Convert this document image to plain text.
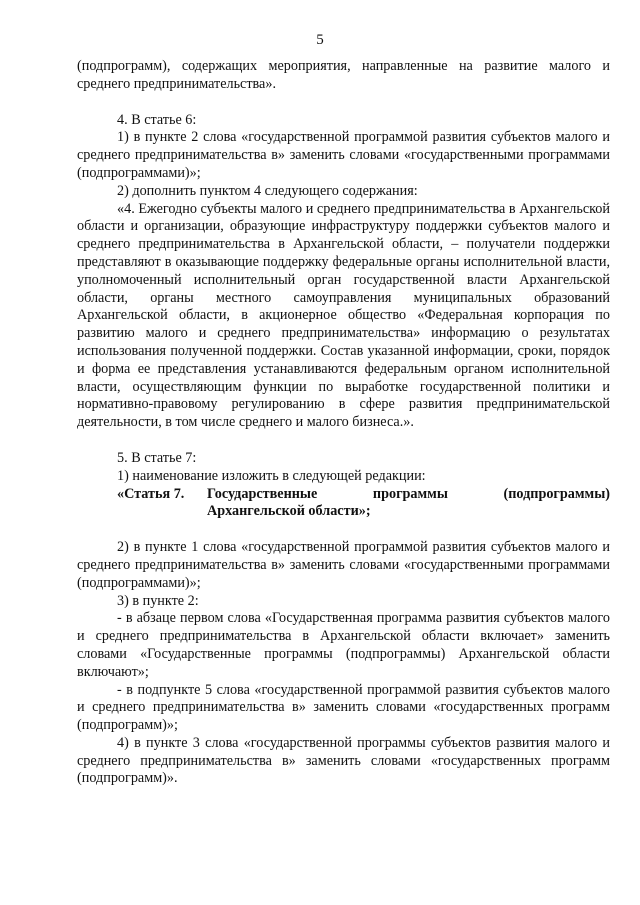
5

(подпрограмм), содержащих мероприятия, направленные на развитие малого и среднего предпринимательства».

4. В статье 6:

1) в пункте 2 слова «государственной программой развития субъектов малого и среднего предпринимательства в» заменить словами «государственными программами (подпрограммами)»;

2) дополнить пунктом 4 следующего содержания:

«4. Ежегодно субъекты малого и среднего предпринимательства в Архангельской области и организации, образующие инфраструктуру поддержки субъектов малого и среднего предпринимательства в Архангельской области, – получатели поддержки представляют в оказывающие поддержку федеральные органы исполнительной власти, уполномоченный исполнительный орган государственной власти Архангельской области, органы местного самоуправления муниципальных образований Архангельской области, в акционерное общество «Федеральная корпорация по развитию малого и среднего предпринимательства» информацию о результатах использования полученной поддержки. Состав указанной информации, сроки, порядок и форма ее представления устанавливаются федеральным органом исполнительной власти, осуществляющим функции по выработке государственной политики и нормативно-правовому регулированию в сфере развития предпринимательской деятельности, в том числе среднего и малого бизнеса.».

5. В статье 7:

1) наименование изложить в следующей редакции:

«Статья 7.	Государственные	программы	(подпрограммы)
Архангельской области»;

2) в пункте 1 слова «государственной программой развития субъектов малого и среднего предпринимательства в» заменить словами «государственными программами (подпрограммами)»;

3) в пункте 2:

- в абзаце первом слова «Государственная программа развития субъектов малого и среднего предпринимательства в Архангельской области включает» заменить словами «Государственные программы (подпрограммы) Архангельской области включают»;

- в подпункте 5 слова «государственной программой развития субъектов малого и среднего предпринимательства в» заменить словами «государственных программ (подпрограмм)»;

4) в пункте 3 слова «государственной программы субъектов развития малого и среднего предпринимательства в» заменить словами «государственных программ (подпрограмм)».
